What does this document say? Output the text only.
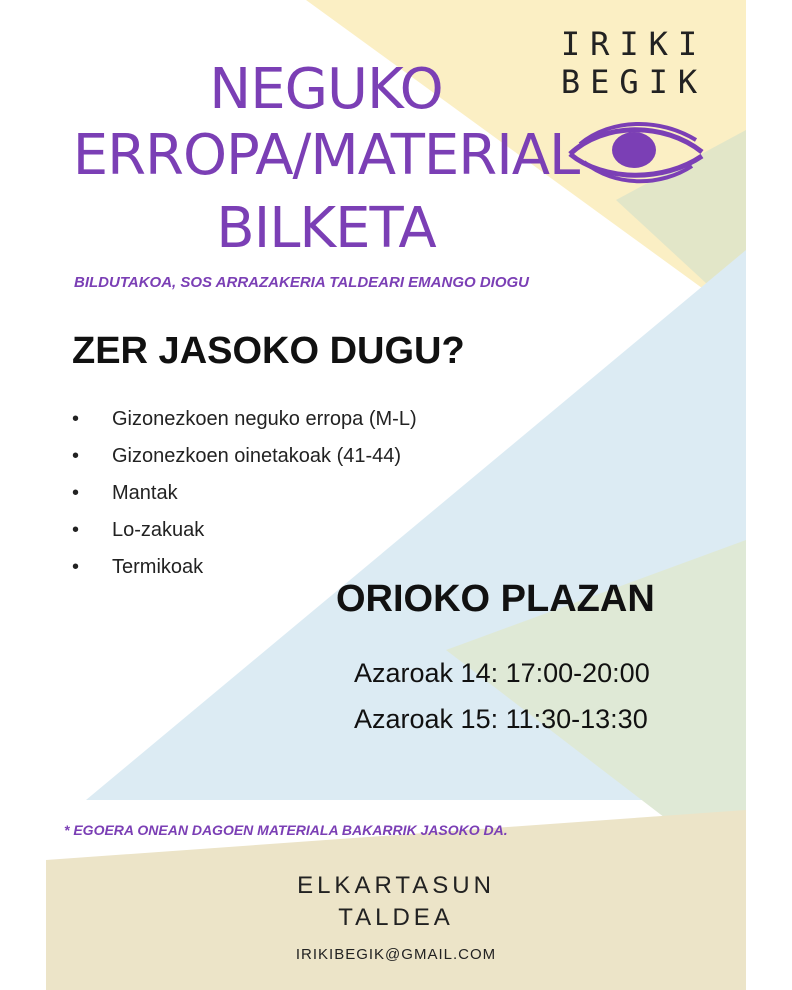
NEGUKO
ERROPA/MATERIAL
BILKETA
IRIKI
BEGIK

BILDUTAKOA, SOS ARRAZAKERIA TALDEARI EMANGO DIOGU

ZER JASOKO DUGU?
• Gizonezkoen neguko erropa (M-L)
• Gizonezkoen oinetakoak (41-44)
• Mantak
• Lo-zakuak
• Termikoak
ORIOKO PLAZAN

Azaroak 14: 17:00-20:00

Azaroak 15: 11:30-13:30

* EGOERA ONEAN DAGOEN MATERIALA BAKARRIK JASOKO DA.

ELKARTASUN
TALDEA
IRIKIBEGIK@GMAIL.COM
